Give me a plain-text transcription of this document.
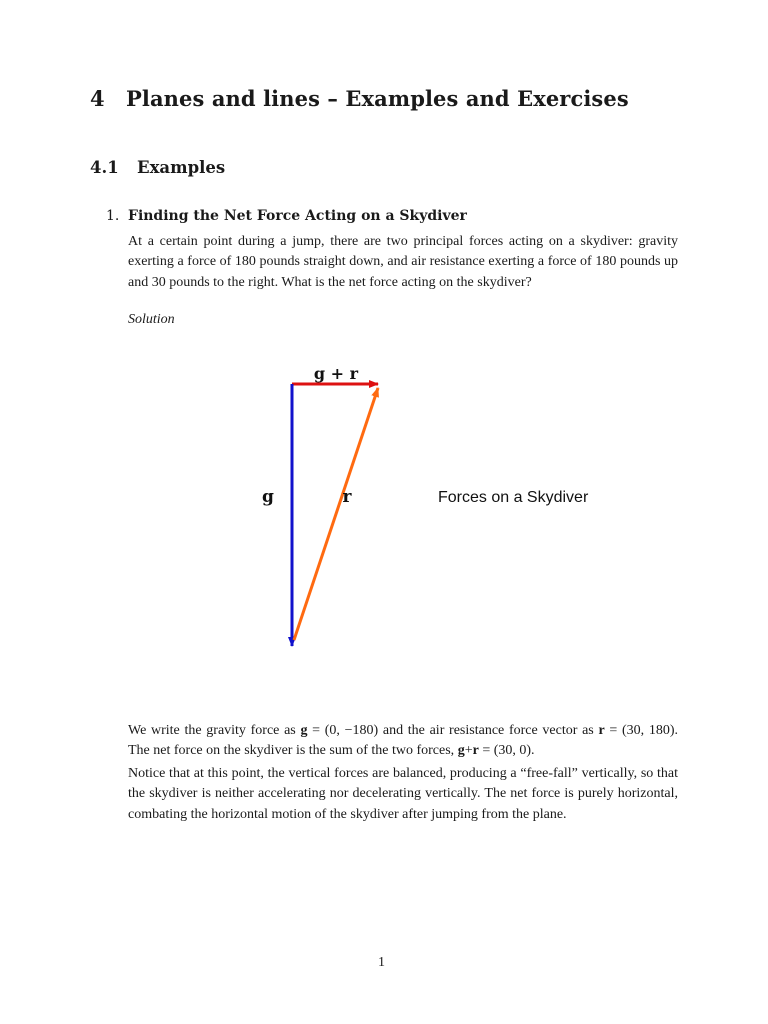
4 Planes and lines – Examples and Exercises
4.1 Examples
1. Finding the Net Force Acting on a Skydiver
At a certain point during a jump, there are two principal forces acting on a skydiver: gravity exerting a force of 180 pounds straight down, and air resistance exerting a force of 180 pounds up and 30 pounds to the right. What is the net force acting on the skydiver?
Solution
g + r
g	r	Forces on a Skydiver
We write the gravity force as g = (0, −180) and the air resistance force vector as r = (30, 180). The net force on the skydiver is the sum of the two forces, g+r = (30, 0).
Notice that at this point, the vertical forces are balanced, producing a “free-fall” vertically, so that the skydiver is neither accelerating nor decelerating vertically. The net force is purely horizontal, combating the horizontal motion of the skydiver after jumping from the plane.
1
